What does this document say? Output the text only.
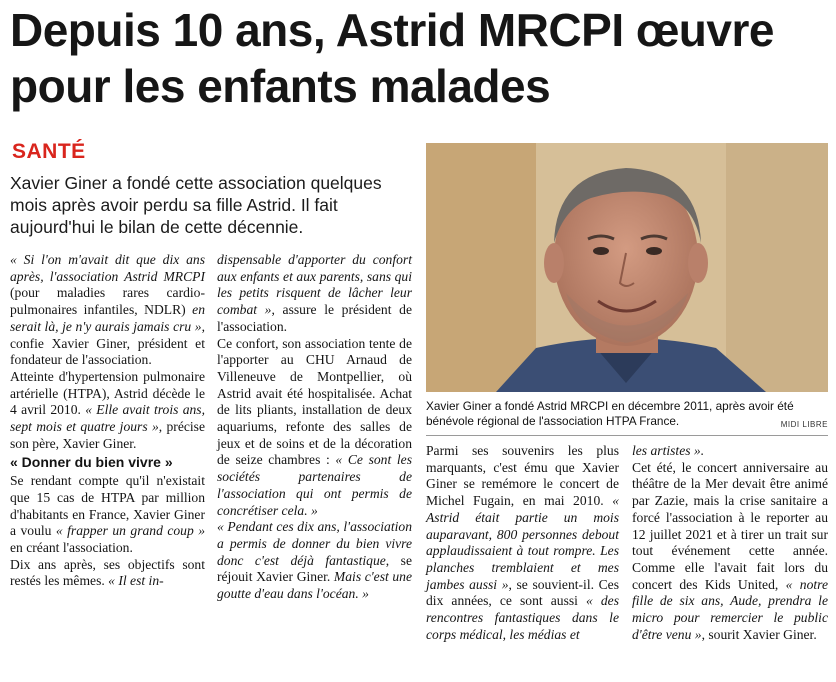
Depuis 10 ans, Astrid MRCPI œuvre pour les enfants malades
SANTÉ
Xavier Giner a fondé cette association quelques mois après avoir perdu sa fille Astrid. Il fait aujourd'hui le bilan de cette décennie.
Xavier Giner a fondé Astrid MRCPI en décembre 2011, après avoir été bénévole régional de l'association HTPA France.	MIDI LIBRE

« Si l'on m'avait dit que dix ans après, l'association Astrid MRCPI (pour maladies rares cardio-pulmonaires infantiles, NDLR) en serait là, je n'y aurais jamais cru », confie Xavier Giner, président et fondateur de l'association.

Atteinte d'hypertension pulmonaire artérielle (HTPA), Astrid décède le 4 avril 2010. « Elle avait trois ans, sept mois et quatre jours », précise son père, Xavier Giner.

« Donner du bien vivre »

Se rendant compte qu'il n'existait que 15 cas de HTPA par million d'habitants en France, Xavier Giner a voulu « frapper un grand coup » en créant l'association.

Dix ans après, ses objectifs sont restés les mêmes. « Il est in-

dispensable d'apporter du confort aux enfants et aux parents, sans qui les petits risquent de lâcher leur combat », assure le président de l'association.

Ce confort, son association tente de l'apporter au CHU Arnaud de Villeneuve de Montpellier, où Astrid avait été hospitalisée. Achat de lits pliants, installation de deux aquariums, refonte des salles de jeux et de soins et de la décoration de seize chambres : « Ce sont les sociétés partenaires de l'association qui ont permis de concrétiser cela. »

« Pendant ces dix ans, l'association a permis de donner du bien vivre donc c'est déjà fantastique, se réjouit Xavier Giner. Mais c'est une goutte d'eau dans l'océan. »

Parmi ses souvenirs les plus marquants, c'est ému que Xavier Giner se remémore le concert de Michel Fugain, en mai 2010. « Astrid était partie un mois auparavant, 800 personnes debout applaudissaient à tout rompre. Les planches tremblaient et mes jambes aussi », se souvient-il. Ces dix années, ce sont aussi « des rencontres fantastiques dans le corps médical, les médias et

les artistes ».

Cet été, le concert anniversaire au théâtre de la Mer devait être animé par Zazie, mais la crise sanitaire a forcé l'association à le reporter au 12 juillet 2021 et à tirer un trait sur tout événement cette année. Comme elle l'avait fait lors du concert des Kids United, « notre fille de six ans, Aude, prendra le micro pour remercier le public d'être venu », sourit Xavier Giner.
